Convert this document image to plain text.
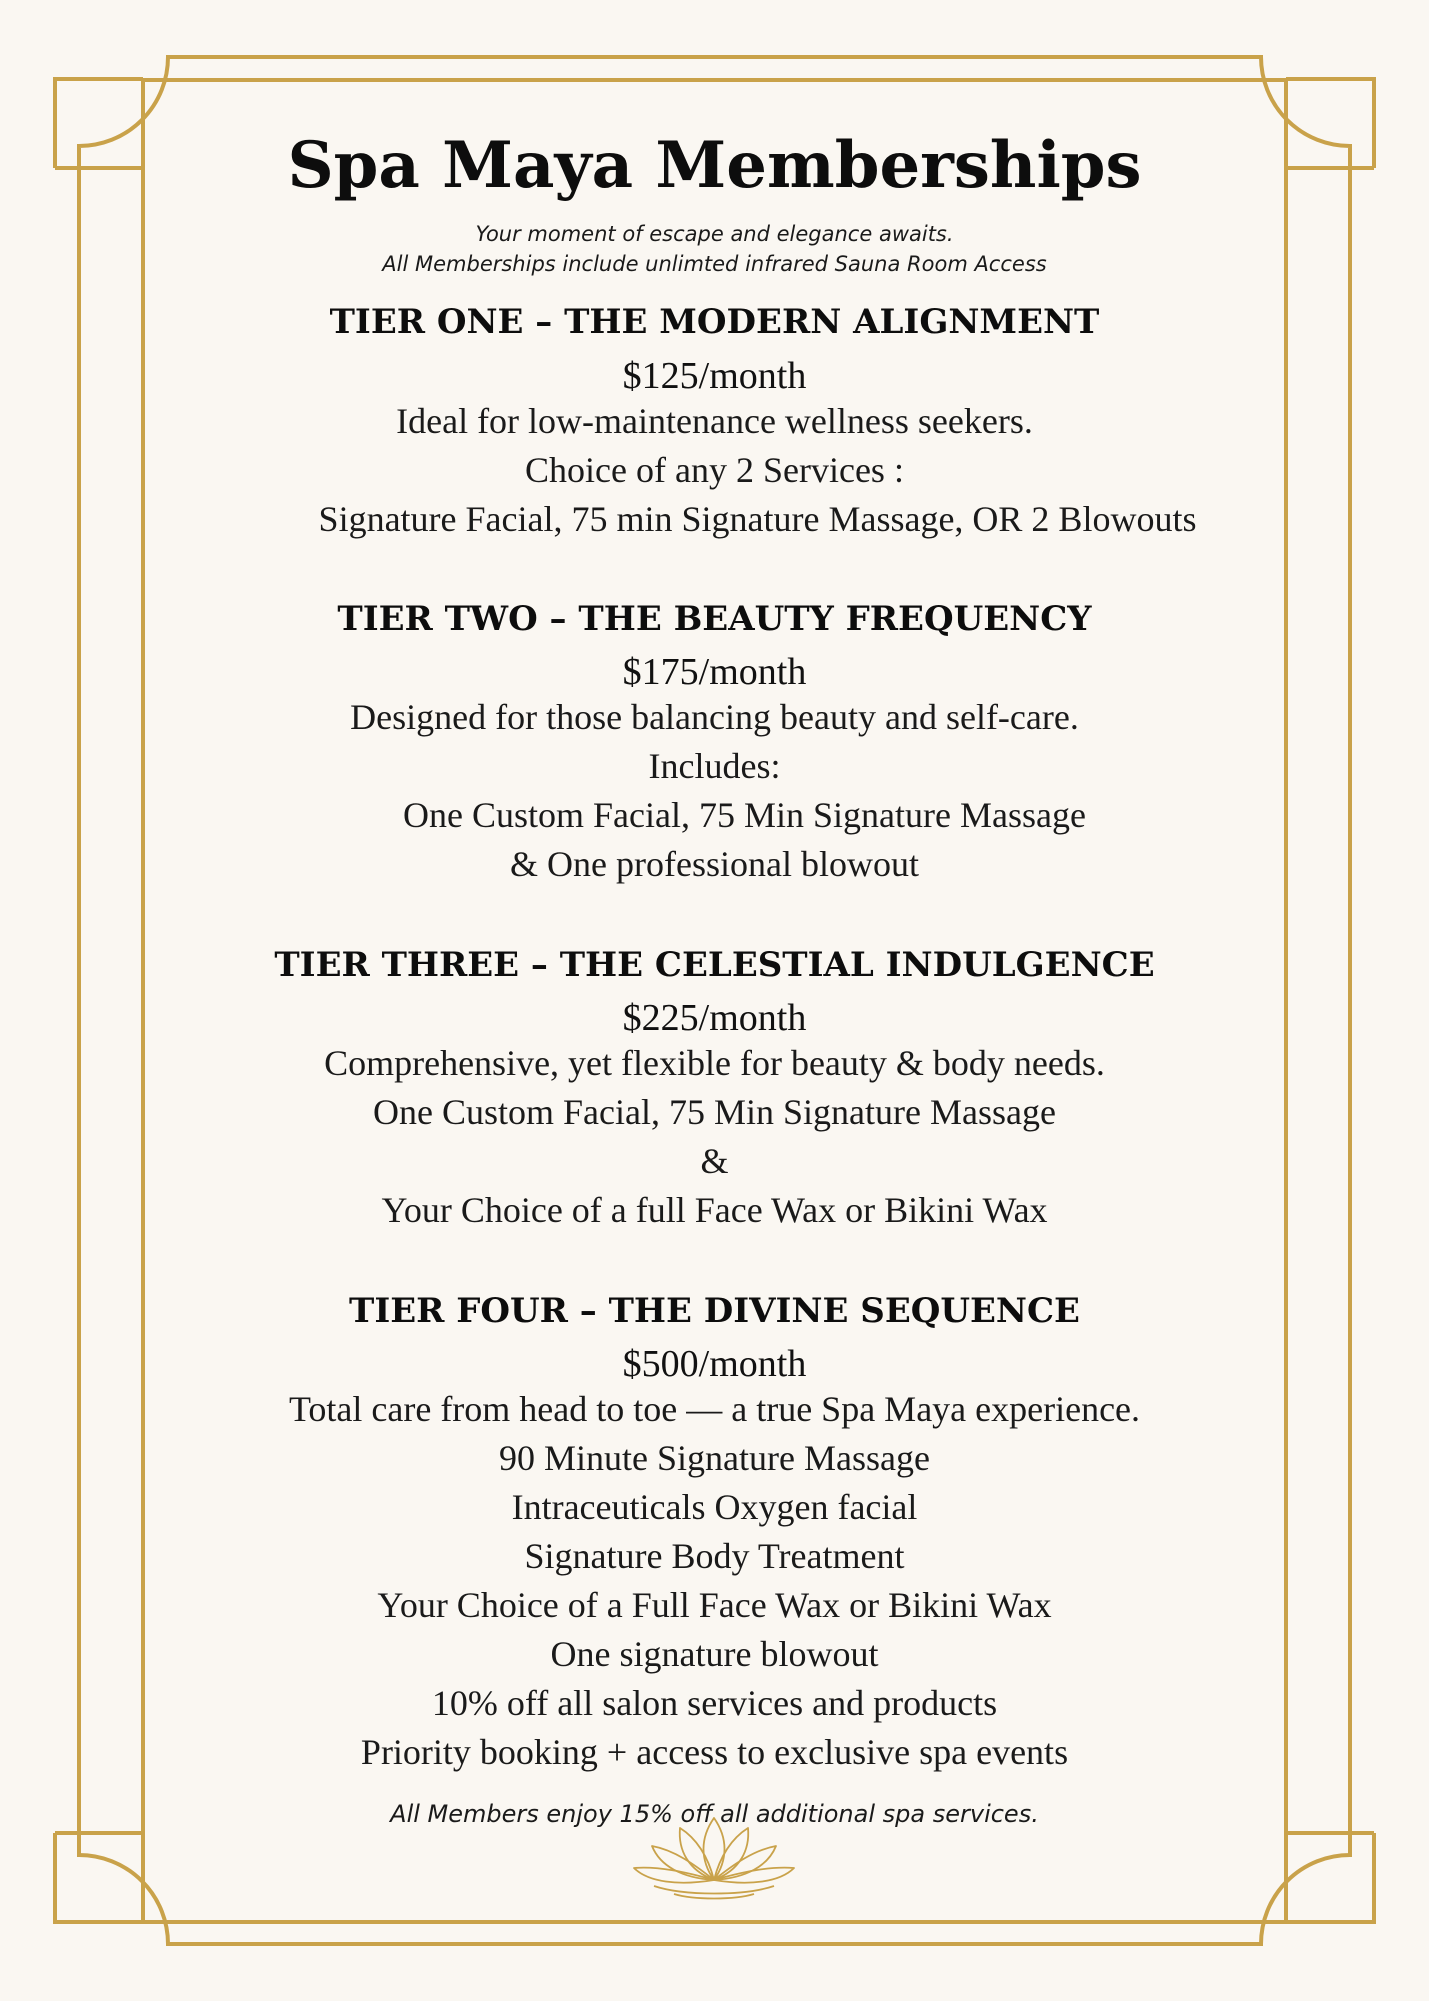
Spa Maya Memberships

Your moment of escape and elegance awaits.

All Memberships include unlimted infrared Sauna Room Access

TIER ONE – THE MODERN ALIGNMENT

$125/month

Ideal for low-maintenance wellness seekers.

Choice of any 2 Services :

Signature Facial, 75 min Signature Massage, OR 2 Blowouts

TIER TWO – THE BEAUTY FREQUENCY

$175/month

Designed for those balancing beauty and self-care.

Includes:

One Custom Facial, 75 Min Signature Massage

& One professional blowout

TIER THREE – THE CELESTIAL INDULGENCE

$225/month

Comprehensive, yet flexible for beauty & body needs.

One Custom Facial, 75 Min Signature Massage

&

Your Choice of a full Face Wax or Bikini Wax

TIER FOUR – THE DIVINE SEQUENCE

$500/month

Total care from head to toe — a true Spa Maya experience.

90 Minute Signature Massage

Intraceuticals Oxygen facial

Signature Body Treatment

Your Choice of a Full Face Wax or Bikini Wax

One signature blowout

10% off all salon services and products

Priority booking + access to exclusive spa events

All Members enjoy 15% off all additional spa services.
